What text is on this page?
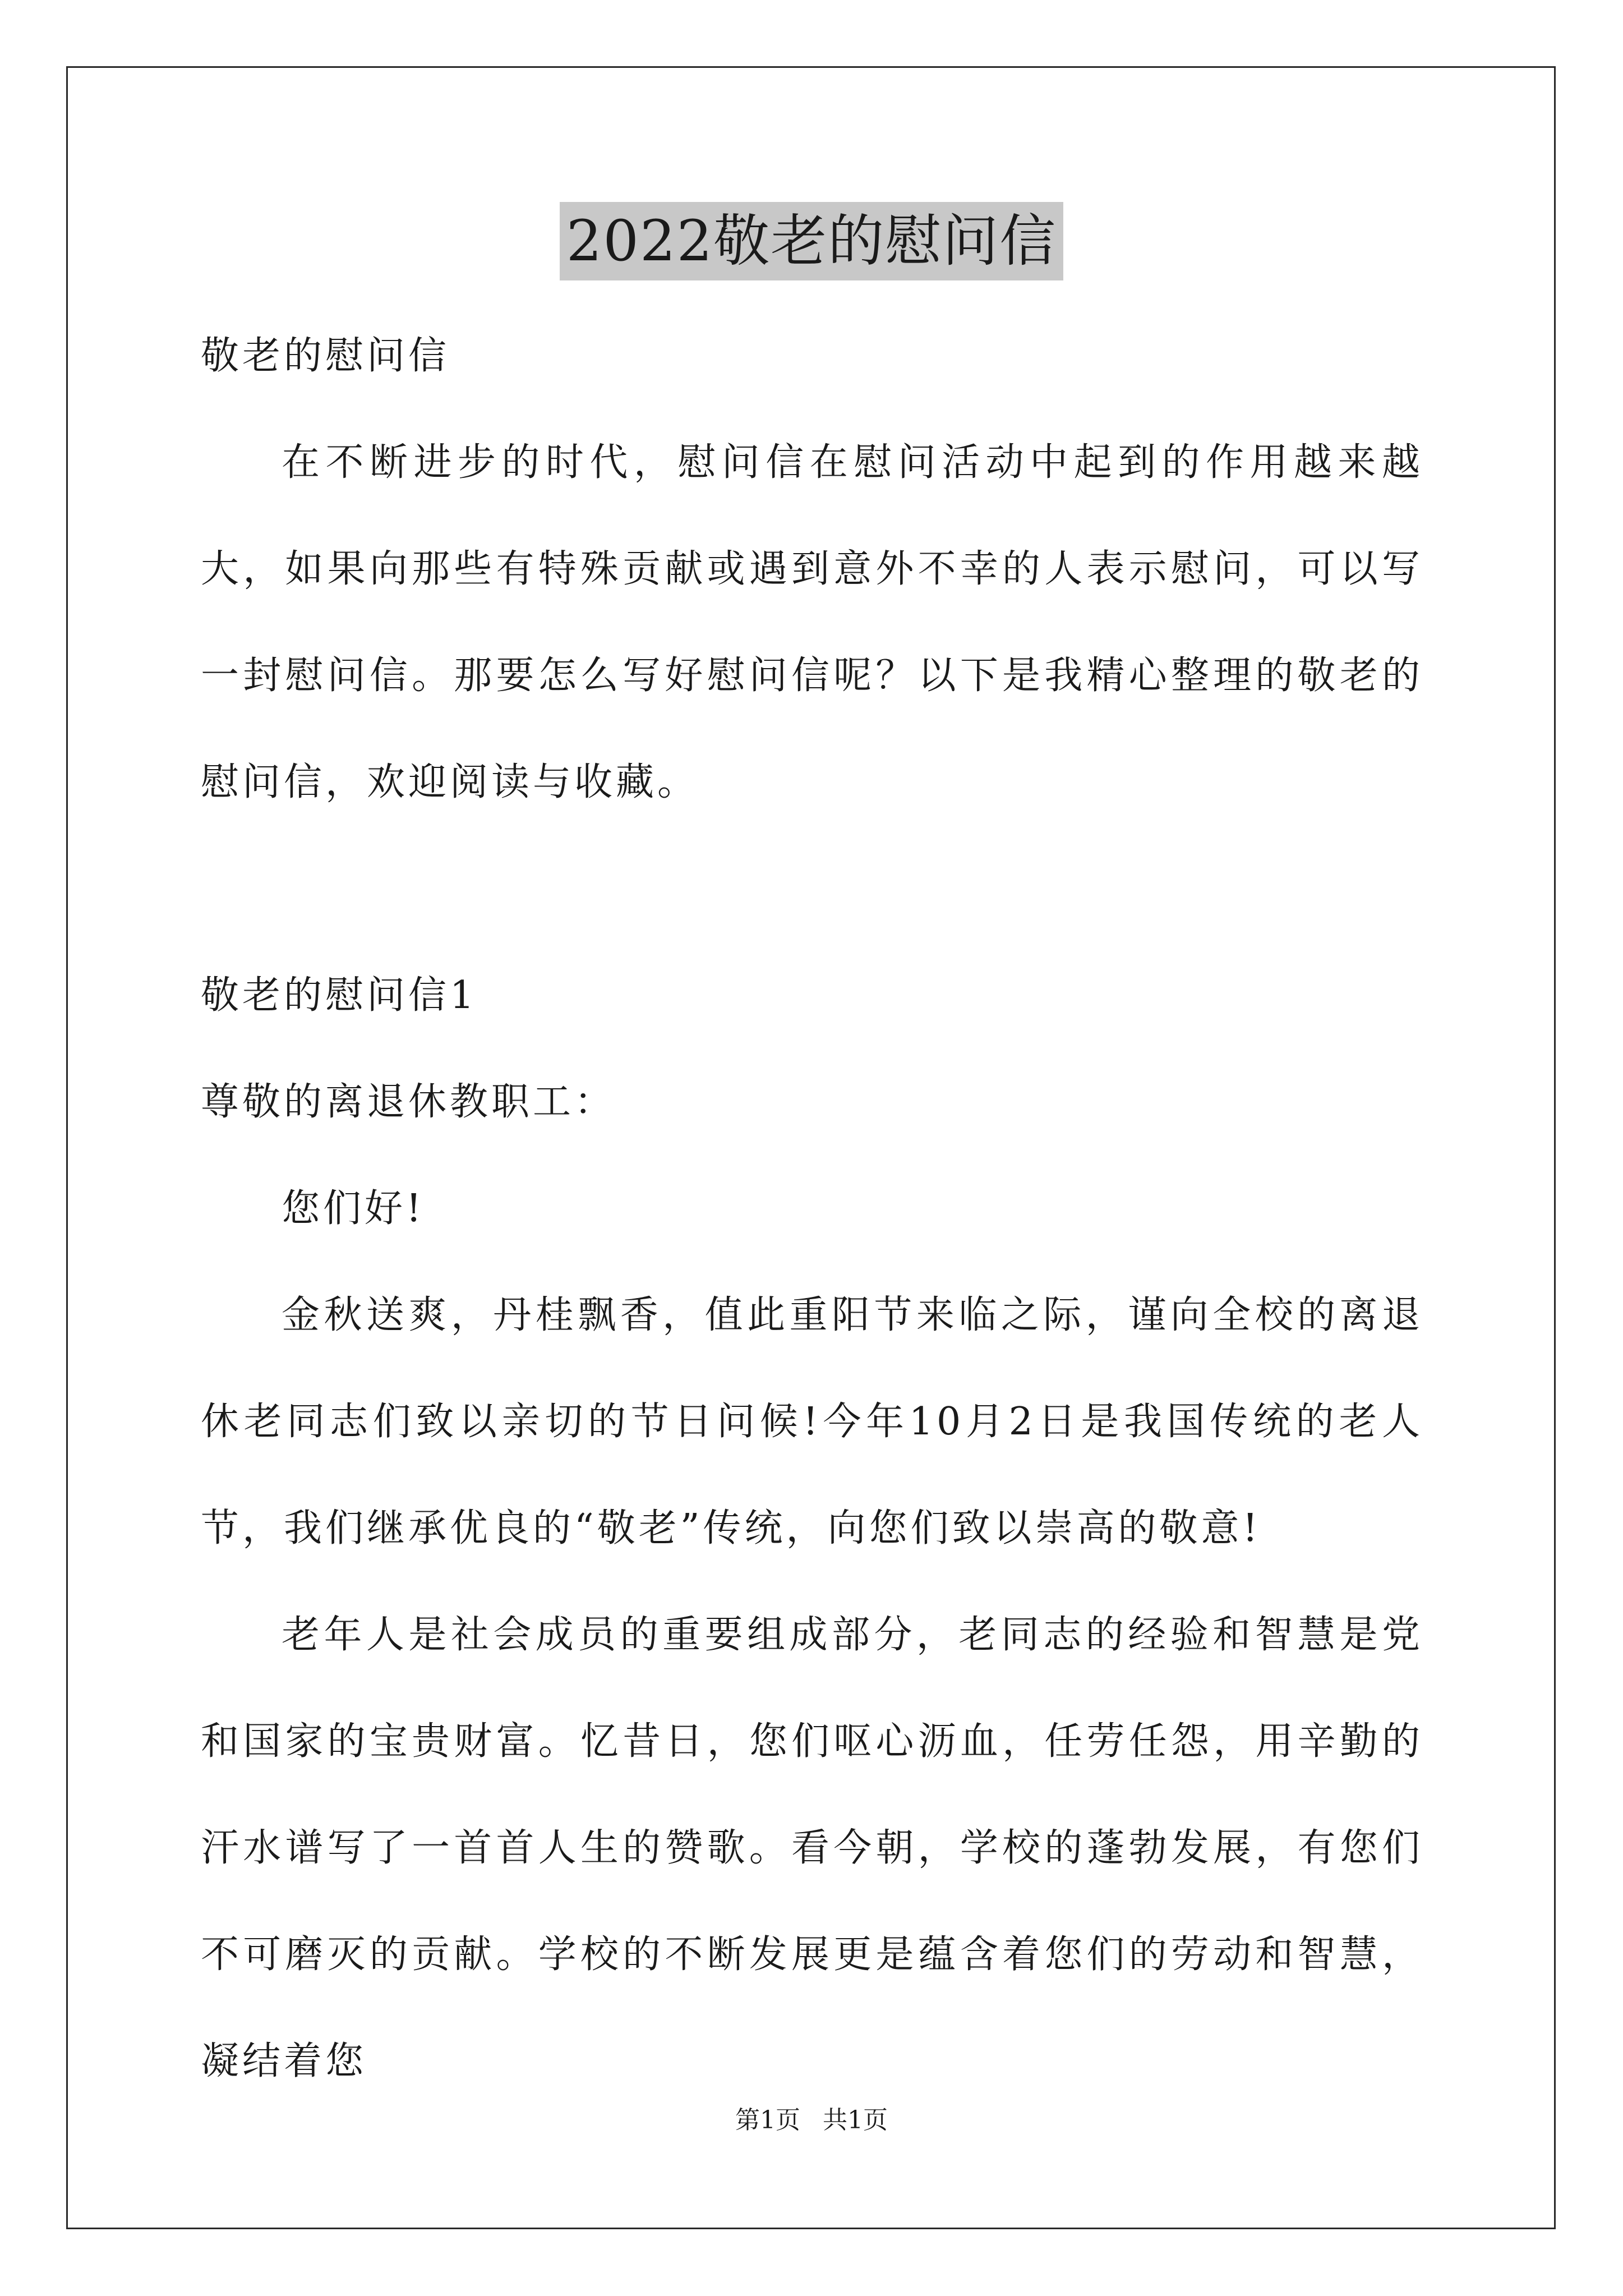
2022敬老的慰问信

敬老的慰问信

在不断进步的时代，慰问信在慰问活动中起到的作用越来越大，如果向那些有特殊贡献或遇到意外不幸的人表示慰问，可以写一封慰问信。那要怎么写好慰问信呢？以下是我精心整理的敬老的慰问信，欢迎阅读与收藏。

敬老的慰问信1

尊敬的离退休教职工：

您们好!

金秋送爽，丹桂飘香，值此重阳节来临之际，谨向全校的离退休老同志们致以亲切的节日问候!今年10月2日是我国传统的老人节，我们继承优良的“敬老”传统，向您们致以崇高的敬意!

老年人是社会成员的重要组成部分，老同志的经验和智慧是党和国家的宝贵财富。忆昔日，您们呕心沥血，任劳任怨，用辛勤的汗水谱写了一首首人生的赞歌。看今朝，学校的蓬勃发展，有您们不可磨灭的贡献。学校的不断发展更是蕴含着您们的劳动和智慧，凝结着您

第1页 共1页
